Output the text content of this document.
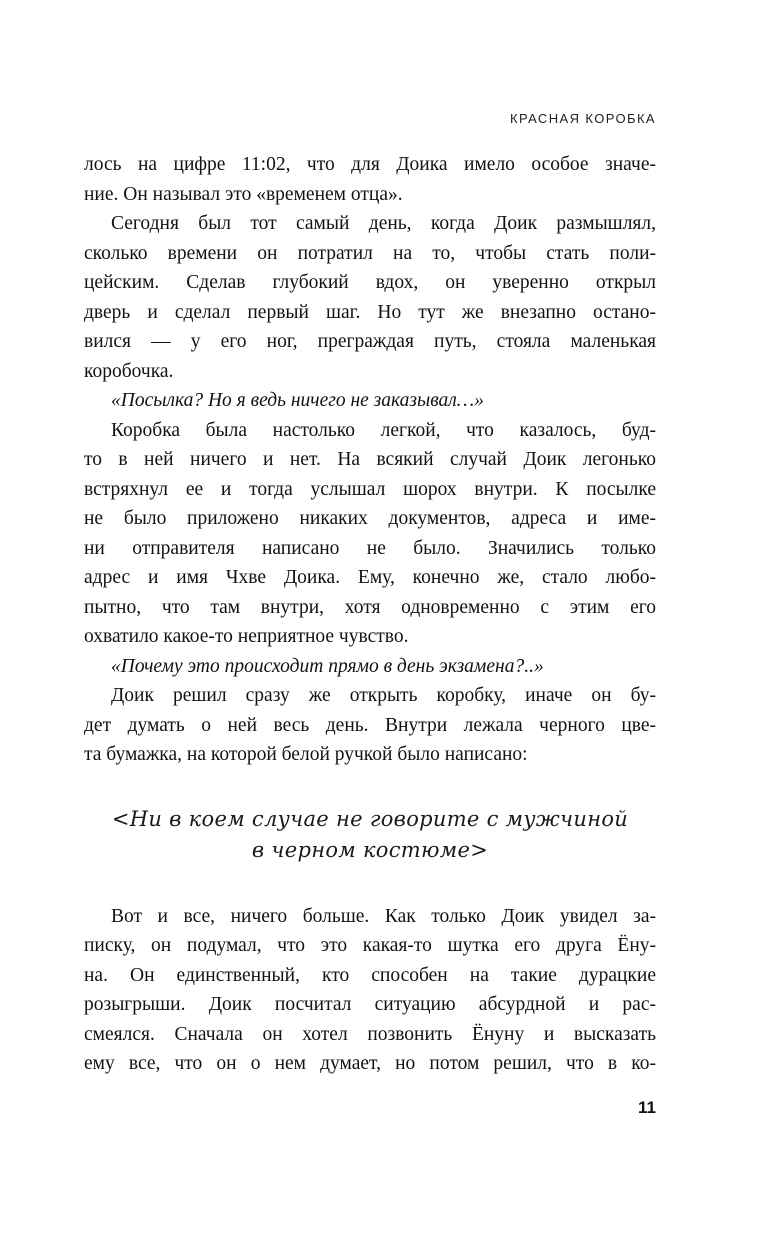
КРАСНАЯ КОРОБКА
лось на цифре 11:02, что для Доика имело особое значе-
ние. Он называл это «временем отца».
Сегодня был тот самый день, когда Доик размышлял,
сколько времени он потратил на то, чтобы стать поли-
цейским. Сделав глубокий вдох, он уверенно открыл
дверь и сделал первый шаг. Но тут же внезапно остано-
вился — у его ног, преграждая путь, стояла маленькая
коробочка.
«Посылка? Но я ведь ничего не заказывал…»
Коробка была настолько легкой, что казалось, буд-
то в ней ничего и нет. На всякий случай Доик легонько
встряхнул ее и тогда услышал шорох внутри. К посылке
не было приложено никаких документов, адреса и име-
ни отправителя написано не было. Значились только
адрес и имя Чхве Доика. Ему, конечно же, стало любо-
пытно, что там внутри, хотя одновременно с этим его
охватило какое-то неприятное чувство.
«Почему это происходит прямо в день экзамена?..»
Доик решил сразу же открыть коробку, иначе он бу-
дет думать о ней весь день. Внутри лежала черного цве-
та бумажка, на которой белой ручкой было написано:
<Ни в коем случае не говорите с мужчиной
в черном костюме>
Вот и все, ничего больше. Как только Доик увидел за-
писку, он подумал, что это какая-то шутка его друга Ёну-
на. Он единственный, кто способен на такие дурацкие
розыгрыши. Доик посчитал ситуацию абсурдной и рас-
смеялся. Сначала он хотел позвонить Ёнуну и высказать
ему все, что он о нем думает, но потом решил, что в ко-
11
